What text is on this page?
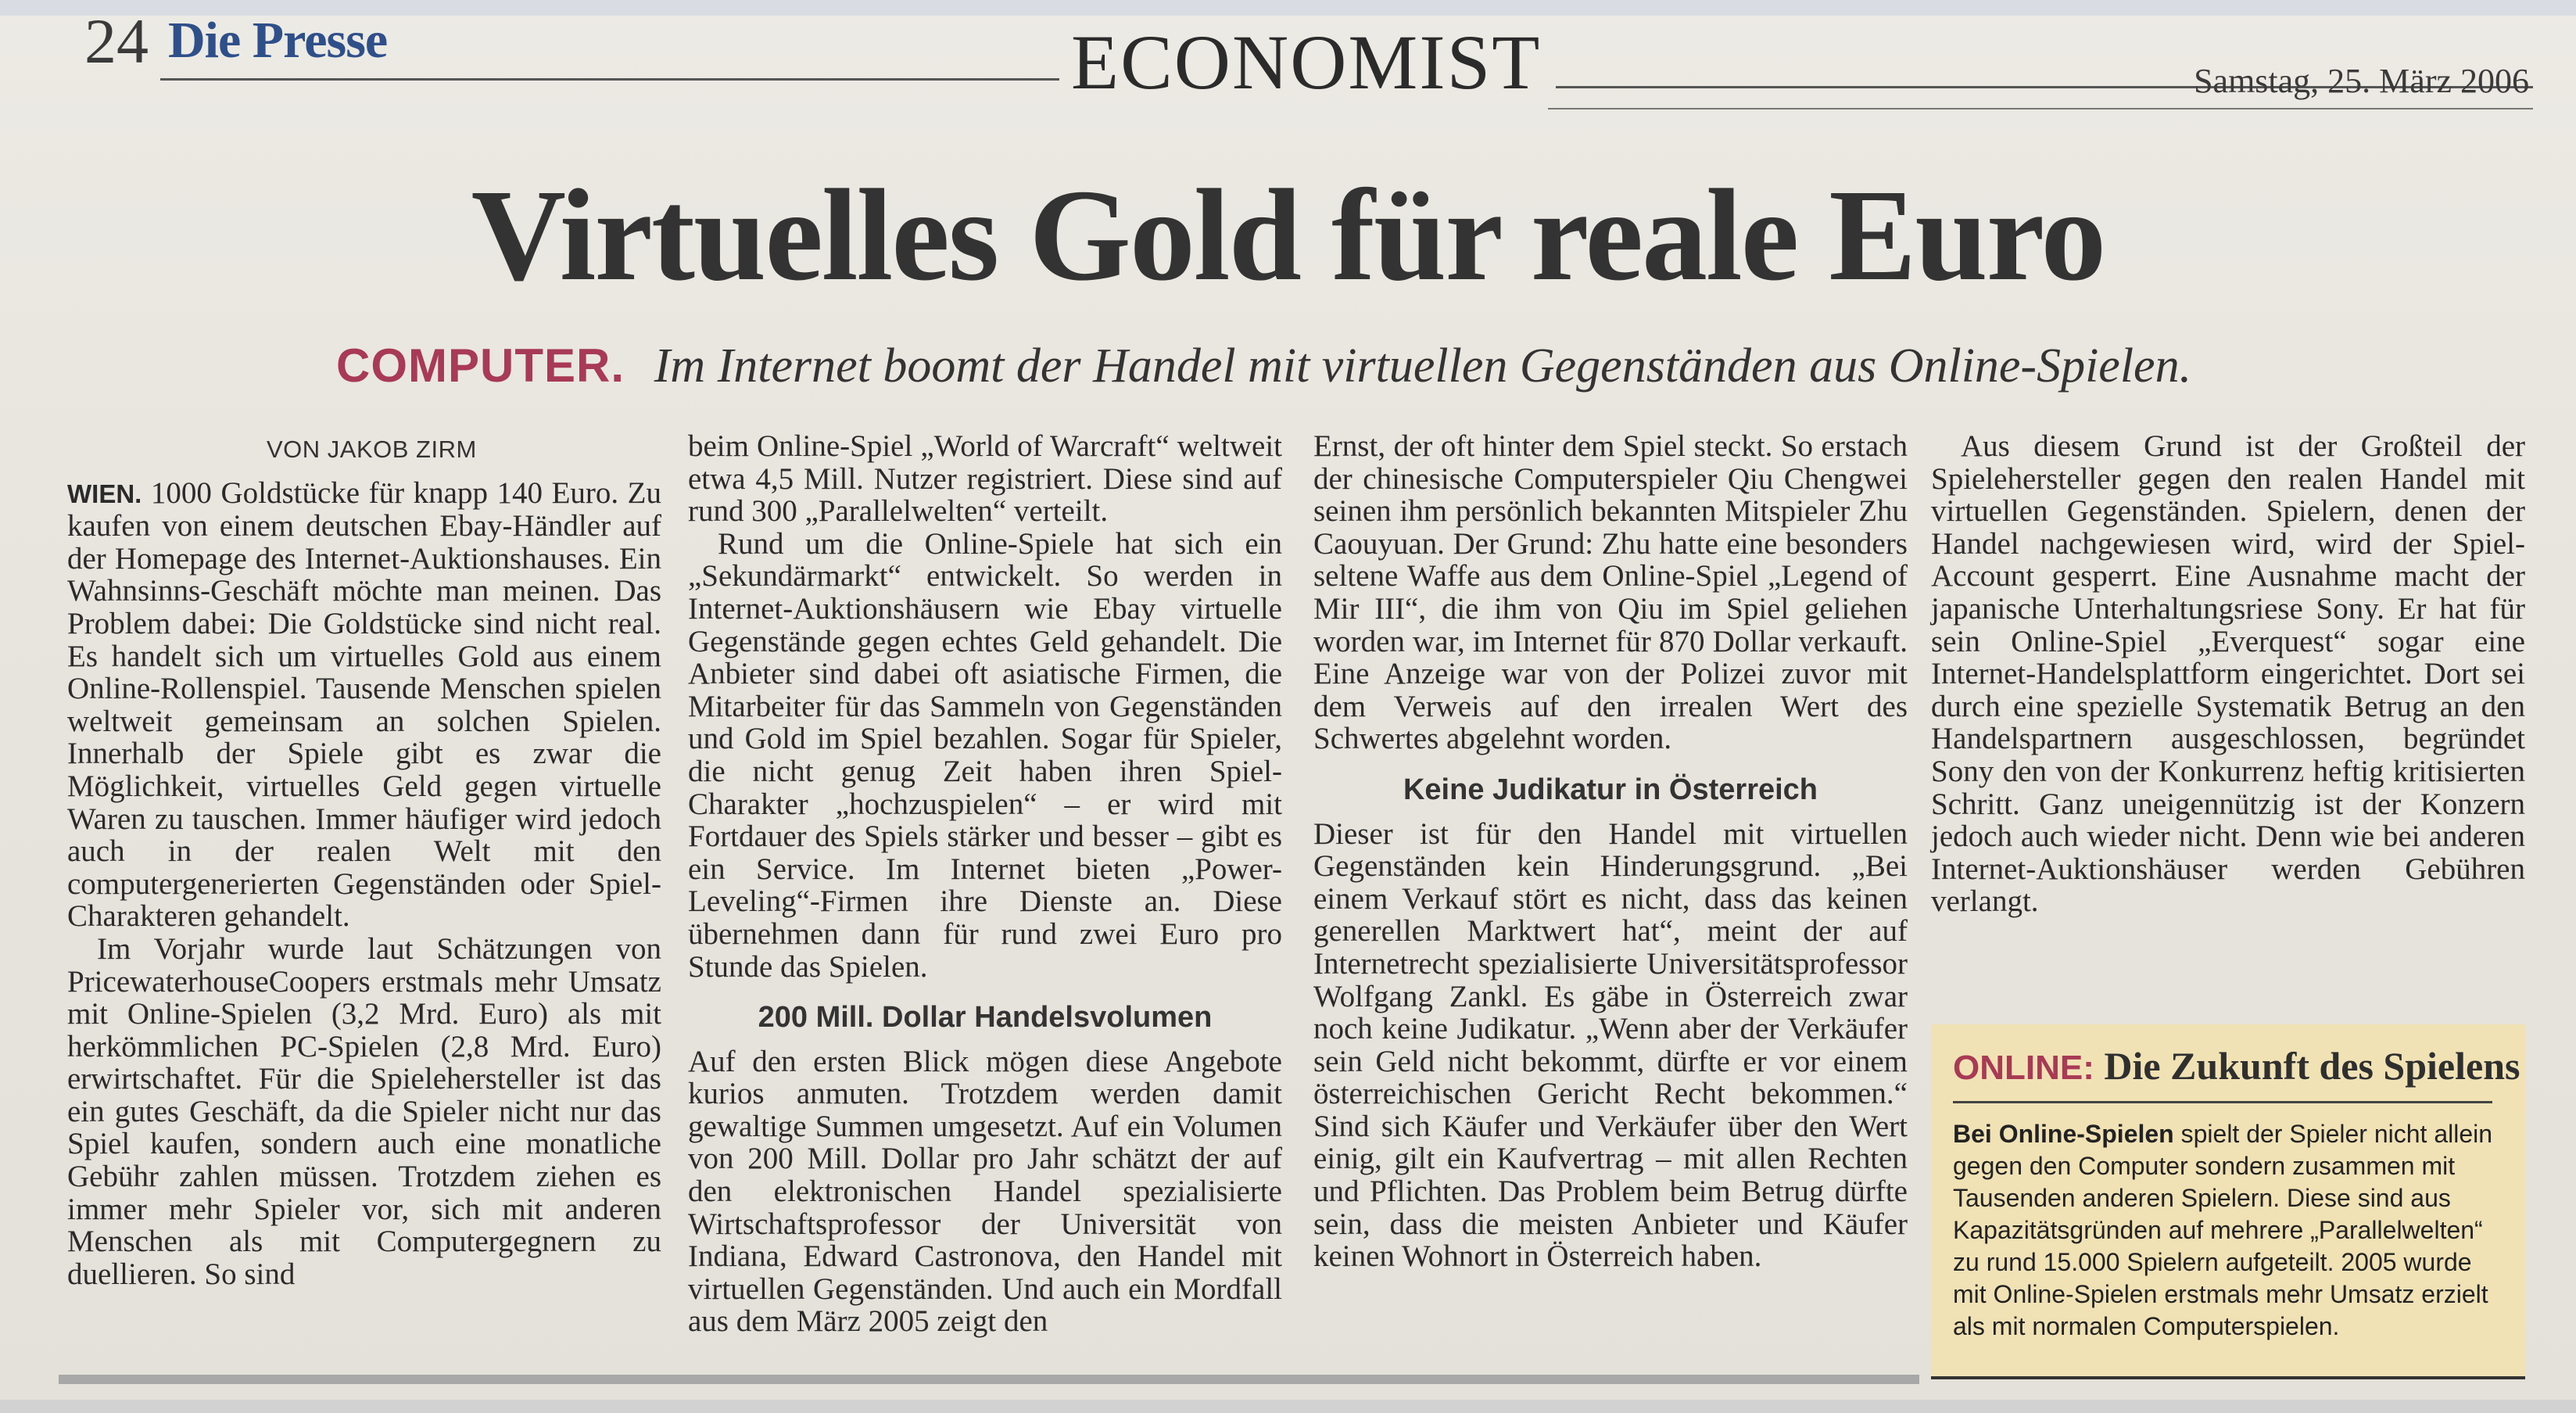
24 Die Presse	ECONOMIST	Samstag, 25. März 2006
Virtuelles Gold für reale Euro
COMPUTER. Im Internet boomt der Handel mit virtuellen Gegenständen aus Online-Spielen.
VON JAKOB ZIRM

WIEN. 1000 Goldstücke für knapp 140 Euro. Zu kaufen von einem deutschen Ebay-Händler auf der Homepage des Internet-Auktionshauses. Ein Wahnsinns-Geschäft möchte man meinen. Das Problem dabei: Die Goldstücke sind nicht real. Es handelt sich um virtuelles Gold aus einem Online-Rollenspiel. Tausende Menschen spielen weltweit gemeinsam an solchen Spielen. Innerhalb der Spiele gibt es zwar die Möglichkeit, virtuelles Geld gegen virtuelle Waren zu tauschen. Immer häufiger wird jedoch auch in der realen Welt mit den computergenerierten Gegenständen oder Spiel-Charakteren gehandelt.

Im Vorjahr wurde laut Schätzungen von PricewaterhouseCoopers erstmals mehr Umsatz mit Online-Spielen (3,2 Mrd. Euro) als mit herkömmlichen PC-Spielen (2,8 Mrd. Euro) erwirtschaftet. Für die Spielehersteller ist das ein gutes Geschäft, da die Spieler nicht nur das Spiel kaufen, sondern auch eine monatliche Gebühr zahlen müssen. Trotzdem ziehen es immer mehr Spieler vor, sich mit anderen Menschen als mit Computergegnern zu duellieren. So sind

beim Online-Spiel „World of Warcraft“ weltweit etwa 4,5 Mill. Nutzer registriert. Diese sind auf rund 300 „Parallelwelten“ verteilt.

Rund um die Online-Spiele hat sich ein „Sekundärmarkt“ entwickelt. So werden in Internet-Auktionshäusern wie Ebay virtuelle Gegenstände gegen echtes Geld gehandelt. Die Anbieter sind dabei oft asiatische Firmen, die Mitarbeiter für das Sammeln von Gegenständen und Gold im Spiel bezahlen. Sogar für Spieler, die nicht genug Zeit haben ihren Spiel-Charakter „hochzuspielen“ – er wird mit Fortdauer des Spiels stärker und besser – gibt es ein Service. Im Internet bieten „Power-Leveling“-Firmen ihre Dienste an. Diese übernehmen dann für rund zwei Euro pro Stunde das Spielen.

200 Mill. Dollar Handelsvolumen

Auf den ersten Blick mögen diese Angebote kurios anmuten. Trotzdem werden damit gewaltige Summen umgesetzt. Auf ein Volumen von 200 Mill. Dollar pro Jahr schätzt der auf den elektronischen Handel spezialisierte Wirtschaftsprofessor der Universität von Indiana, Edward Castronova, den Handel mit virtuellen Gegenständen. Und auch ein Mordfall aus dem März 2005 zeigt den

Ernst, der oft hinter dem Spiel steckt. So erstach der chinesische Computerspieler Qiu Chengwei seinen ihm persönlich bekannten Mitspieler Zhu Caouyuan. Der Grund: Zhu hatte eine besonders seltene Waffe aus dem Online-Spiel „Legend of Mir III“, die ihm von Qiu im Spiel geliehen worden war, im Internet für 870 Dollar verkauft. Eine Anzeige war von der Polizei zuvor mit dem Verweis auf den irrealen Wert des Schwertes abgelehnt worden.

Keine Judikatur in Österreich

Dieser ist für den Handel mit virtuellen Gegenständen kein Hinderungsgrund. „Bei einem Verkauf stört es nicht, dass das keinen generellen Marktwert hat“, meint der auf Internetrecht spezialisierte Universitätsprofessor Wolfgang Zankl. Es gäbe in Österreich zwar noch keine Judikatur. „Wenn aber der Verkäufer sein Geld nicht bekommt, dürfte er vor einem österreichischen Gericht Recht bekommen.“ Sind sich Käufer und Verkäufer über den Wert einig, gilt ein Kaufvertrag – mit allen Rechten und Pflichten. Das Problem beim Betrug dürfte sein, dass die meisten Anbieter und Käufer keinen Wohnort in Österreich haben.

Aus diesem Grund ist der Großteil der Spielehersteller gegen den realen Handel mit virtuellen Gegenständen. Spielern, denen der Handel nachgewiesen wird, wird der Spiel-Account gesperrt. Eine Ausnahme macht der japanische Unterhaltungsriese Sony. Er hat für sein Online-Spiel „Everquest“ sogar eine Internet-Handelsplattform eingerichtet. Dort sei durch eine spezielle Systematik Betrug an den Handelspartnern ausgeschlossen, begründet Sony den von der Konkurrenz heftig kritisierten Schritt. Ganz uneigennützig ist der Konzern jedoch auch wieder nicht. Denn wie bei anderen Internet-Auktionshäuser werden Gebühren verlangt.

ONLINE: Die Zukunft des Spielens
Bei Online-Spielen spielt der Spieler nicht allein gegen den Computer sondern zusammen mit Tausenden anderen Spielern. Diese sind aus Kapazitätsgründen auf mehrere „Parallelwelten“ zu rund 15.000 Spielern aufgeteilt. 2005 wurde mit Online-Spielen erstmals mehr Umsatz erzielt als mit normalen Computerspielen.
